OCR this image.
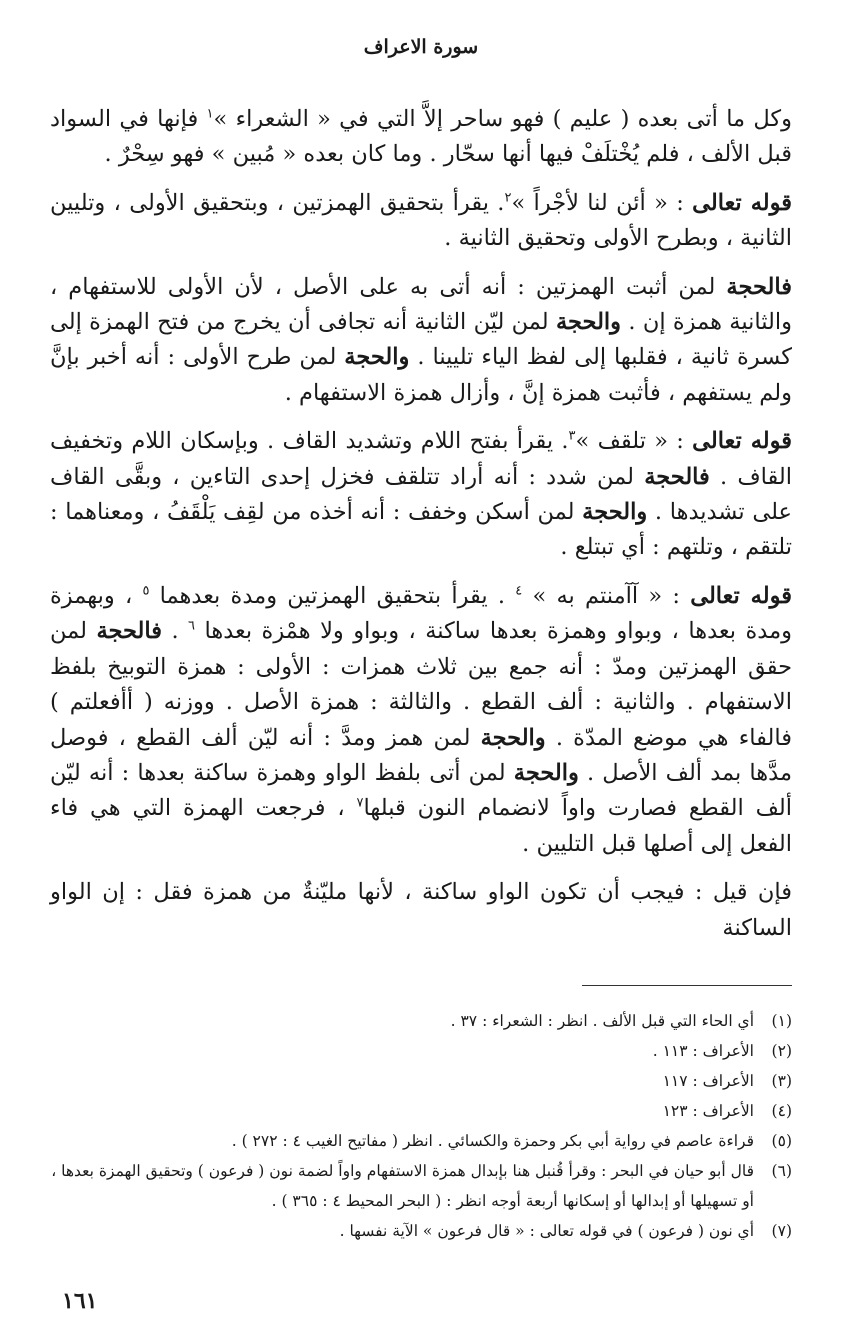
سورة الاعراف

وكل ما أتى بعده ( عليم ) فهو ساحر إلاَّ التي في « الشعراء »$^١$ فإنها في السواد قبل الألف ، فلم يُخْتلَفْ فيها أنها سحّار . وما كان بعده « مُبين » فهو سِحْرٌ .

قوله تعالى : « أئن لنا لأجْراً »$^٢$. يقرأ بتحقيق الهمزتين ، وبتحقيق الأولى ، وتليين الثانية ، وبطرح الأولى وتحقيق الثانية .

فالحجة لمن أثبت الهمزتين : أنه أتى به على الأصل ، لأن الأولى للاستفهام ، والثانية همزة إن . والحجة لمن ليّن الثانية أنه تجافى أن يخرج من فتح الهمزة إلى كسرة ثانية ، فقلبها إلى لفظ الياء تليينا . والحجة لمن طرح الأولى : أنه أخبر بإنَّ ولم يستفهم ، فأثبت همزة إنَّ ، وأزال همزة الاستفهام .

قوله تعالى : « تلقف »$^٣$. يقرأ بفتح اللام وتشديد القاف . وبإسكان اللام وتخفيف القاف . فالحجة لمن شدد : أنه أراد تتلقف فخزل إحدى التاءين ، وبقَّى القاف على تشديدها . والحجة لمن أسكن وخفف : أنه أخذه من لقِف يَلْقَفُ ، ومعناهما : تلتقم ، وتلتهم : أي تبتلع .

قوله تعالى : « آآمنتم به » $^٤$ . يقرأ بتحقيق الهمزتين ومدة بعدهما $^٥$ ، وبهمزة ومدة بعدها ، وبواو وهمزة بعدها ساكنة ، وبواو ولا همْزة بعدها $^٦$ . فالحجة لمن حقق الهمزتين ومدّ : أنه جمع بين ثلاث همزات : الأولى : همزة التوبيخ بلفظ الاستفهام . والثانية : ألف القطع . والثالثة : همزة الأصل . ووزنه ( أأفعلتم ) فالفاء هي موضع المدّة . والحجة لمن همز ومدَّ : أنه ليّن ألف القطع ، فوصل مدَّها بمد ألف الأصل . والحجة لمن أتى بلفظ الواو وهمزة ساكنة بعدها : أنه ليّن ألف القطع فصارت واواً لانضمام النون قبلها$^٧$ ، فرجعت الهمزة التي هي فاء الفعل إلى أصلها قبل التليين .

فإن قيل : فيجب أن تكون الواو ساكنة ، لأنها مليّنةٌ من همزة فقل : إن الواو الساكنة

(١)
أي الحاء التي قبل الألف . انظر : الشعراء : ٣٧ .
(٢)
الأعراف : ١١٣ .
(٣)
الأعراف : ١١٧
(٤)
الأعراف : ١٢٣
(٥)
قراءة عاصم في رواية أبي بكر وحمزة والكسائي . انظر ( مفاتيح الغيب ٤ : ٢٧٢ ) .
(٦)
قال أبو حيان في البحر : وقرأ قُنبل هنا بإبدال همزة الاستفهام واواً لضمة نون ( فرعون ) وتحقيق الهمزة بعدها ، أو تسهيلها أو إبدالها أو إسكانها أربعة أوجه انظر : ( البحر المحيط ٤ : ٣٦٥ ) .
(٧)
أي نون ( فرعون ) في قوله تعالى : « قال فرعون » الآية نفسها .
١٦١
